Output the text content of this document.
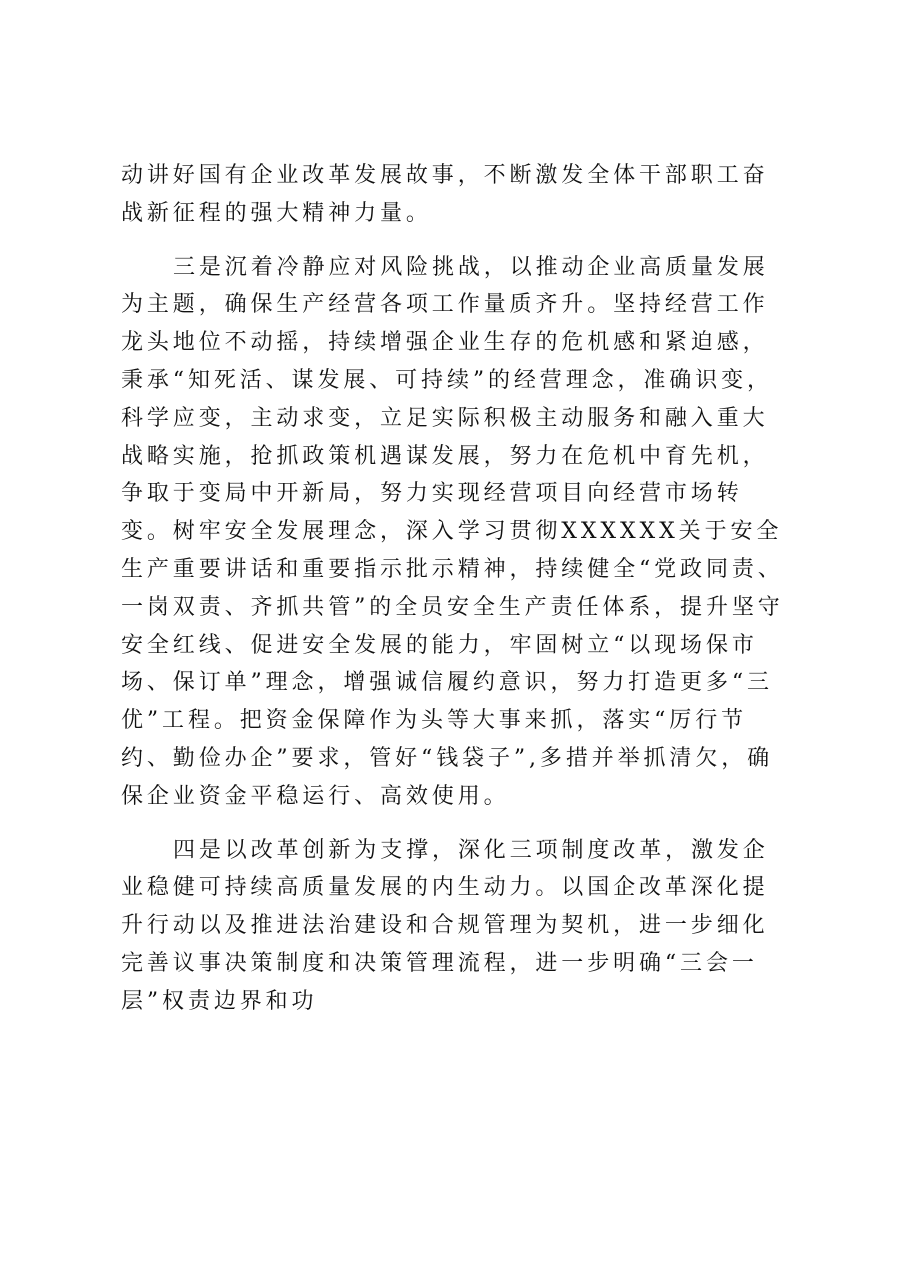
动讲好国有企业改革发展故事，不断激发全体干部职工奋战新征程的强大精神力量。

三是沉着冷静应对风险挑战，以推动企业高质量发展为主题，确保生产经营各项工作量质齐升。坚持经营工作龙头地位不动摇，持续增强企业生存的危机感和紧迫感，秉承“知死活、谋发展、可持续”的经营理念，准确识变，科学应变，主动求变，立足实际积极主动服务和融入重大战略实施，抢抓政策机遇谋发展，努力在危机中育先机，争取于变局中开新局，努力实现经营项目向经营市场转变。树牢安全发展理念，深入学习贯彻XXXXXX关于安全生产重要讲话和重要指示批示精神，持续健全“党政同责、一岗双责、齐抓共管”的全员安全生产责任体系，提升坚守安全红线、促进安全发展的能力，牢固树立“以现场保市场、保订单”理念，增强诚信履约意识，努力打造更多“三优”工程。把资金保障作为头等大事来抓，落实“厉行节约、勤俭办企”要求，管好“钱袋子”,多措并举抓清欠，确保企业资金平稳运行、高效使用。

四是以改革创新为支撑，深化三项制度改革，激发企业稳健可持续高质量发展的内生动力。以国企改革深化提升行动以及推进法治建设和合规管理为契机，进一步细化完善议事决策制度和决策管理流程，进一步明确“三会一层”权责边界和功
